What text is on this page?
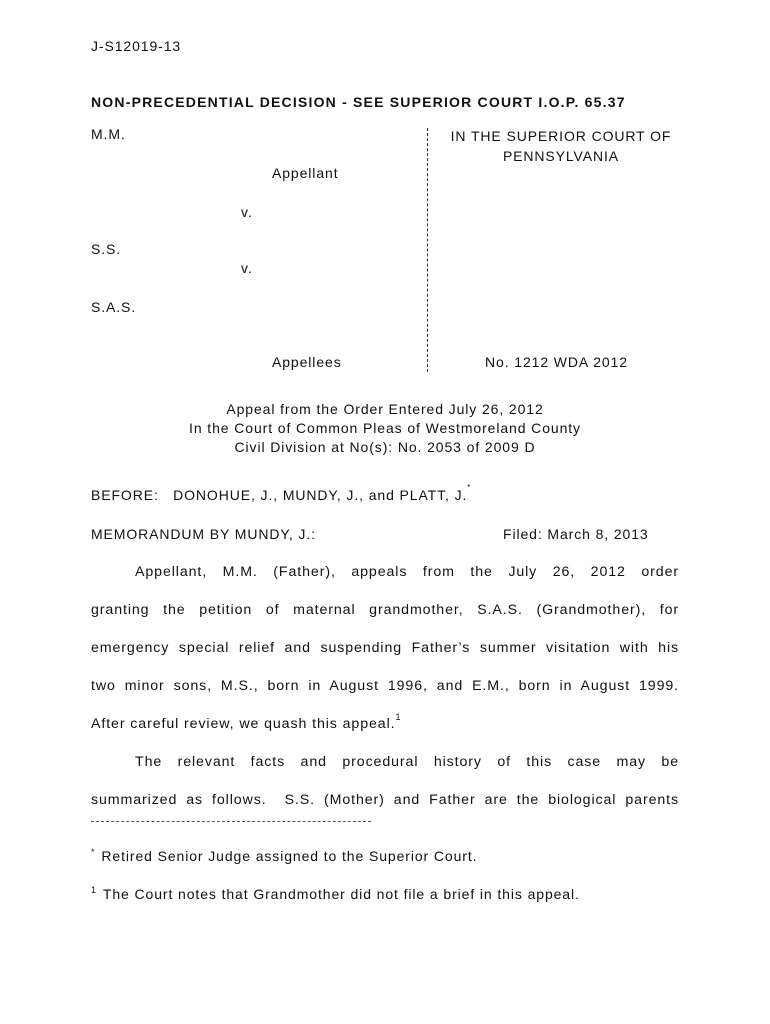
J-S12019-13
NON-PRECEDENTIAL DECISION - SEE SUPERIOR COURT I.O.P. 65.37
M.M.
Appellant
v.
S.S.
v.
S.A.S.
Appellees
IN THE SUPERIOR COURT OF
PENNSYLVANIA
No. 1212 WDA 2012
Appeal from the Order Entered July 26, 2012
In the Court of Common Pleas of Westmoreland County
Civil Division at No(s): No. 2053 of 2009 D
BEFORE:   DONOHUE, J., MUNDY, J., and PLATT, J.*
MEMORANDUM BY MUNDY, J.:	Filed: March 8, 2013
Appellant, M.M. (Father), appeals from the July 26, 2012 order
granting the petition of maternal grandmother, S.A.S. (Grandmother), for
emergency special relief and suspending Father’s summer visitation with his
two minor sons, M.S., born in August 1996, and E.M., born in August 1999.
After careful review, we quash this appeal.$^1$
The relevant facts and procedural history of this case may be
summarized as follows.  S.S. (Mother) and Father are the biological parents
* Retired Senior Judge assigned to the Superior Court.
$^1$ The Court notes that Grandmother did not file a brief in this appeal.
